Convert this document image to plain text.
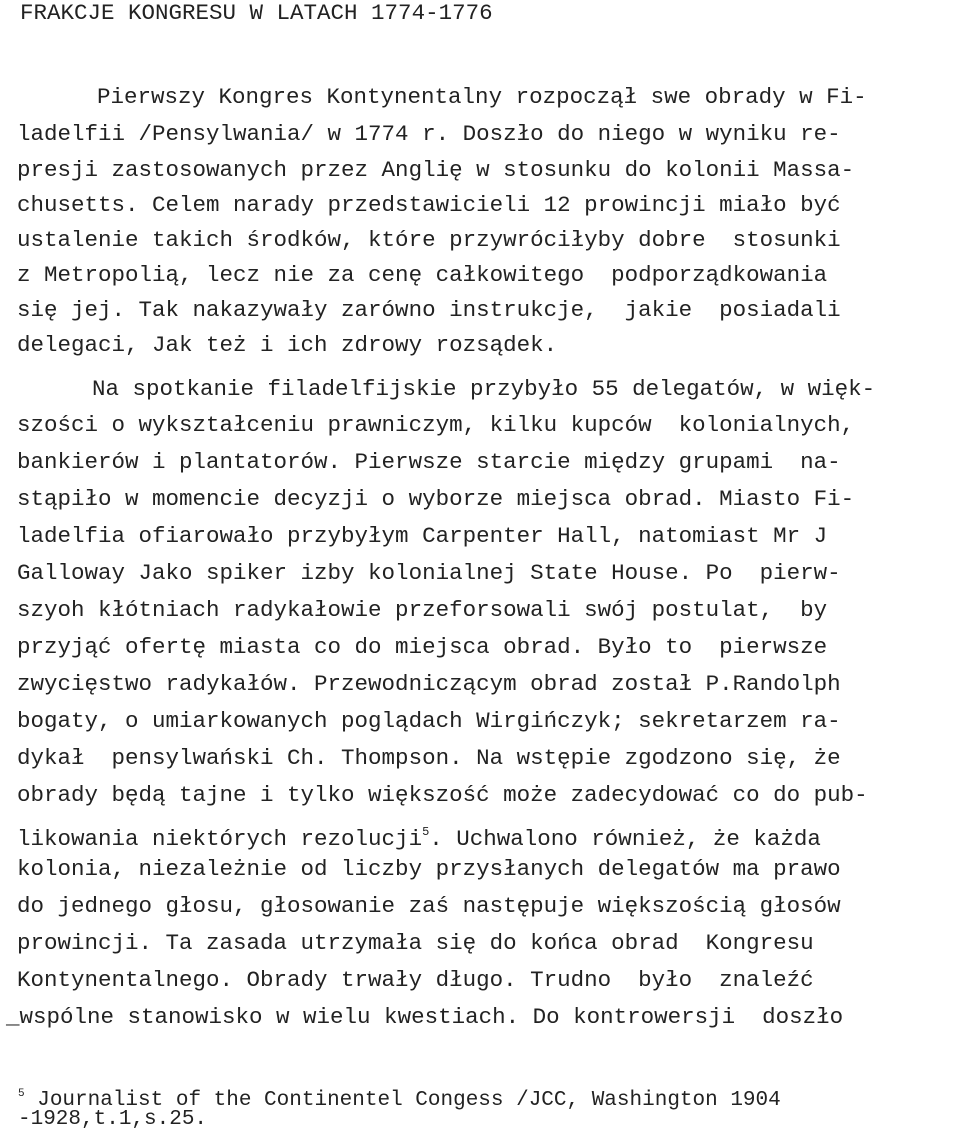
FRAKCJE KONGRESU W LATACH 1774-1776
Pierwszy Kongres Kontynentalny rozpoczął swe obrady w Fi-
ladelfii /Pensylwania/ w 1774 r. Doszło do niego w wyniku re-
presji zastosowanych przez Anglię w stosunku do kolonii Massa-
chusetts. Celem narady przedstawicieli 12 prowincji miało być
ustalenie takich środków, które przywróciłyby dobre  stosunki
z Metropolią, lecz nie za cenę całkowitego  podporządkowania
się jej. Tak nakazywały zarówno instrukcje,  jakie  posiadali
delegaci, Jak też i ich zdrowy rozsądek.
Na spotkanie filadelfijskie przybyło 55 delegatów, w więk-
szości o wykształceniu prawniczym, kilku kupców  kolonialnych,
bankierów i plantatorów. Pierwsze starcie między grupami  na-
stąpiło w momencie decyzji o wyborze miejsca obrad. Miasto Fi-
ladelfia ofiarowało przybyłym Carpenter Hall, natomiast Mr J
Galloway Jako spiker izby kolonialnej State House. Po  pierw-
szyoh kłótniach radykałowie przeforsowali swój postulat,  by
przyjąć ofertę miasta co do miejsca obrad. Było to  pierwsze
zwycięstwo radykałów. Przewodniczącym obrad został P.Randolph
bogaty, o umiarkowanych poglądach Wirgińczyk; sekretarzem ra-
dykał  pensylwański Ch. Thompson. Na wstępie zgodzono się, że
obrady będą tajne i tylko większość może zadecydować co do pub-
likowania niektórych rezolucji$^5$. Uchwalono również, że każda
kolonia, niezależnie od liczby przysłanych delegatów ma prawo
do jednego głosu, głosowanie zaś następuje większością głosów
prowincji. Ta zasada utrzymała się do końca obrad  Kongresu
Kontynentalnego. Obrady trwały długo. Trudno  było  znaleźć
_wspólne stanowisko w wielu kwestiach. Do kontrowersji  doszło
$^5$ Journalist of the Continentel Congess /JCC, Washington 1904
-1928,t.1,s.25.
